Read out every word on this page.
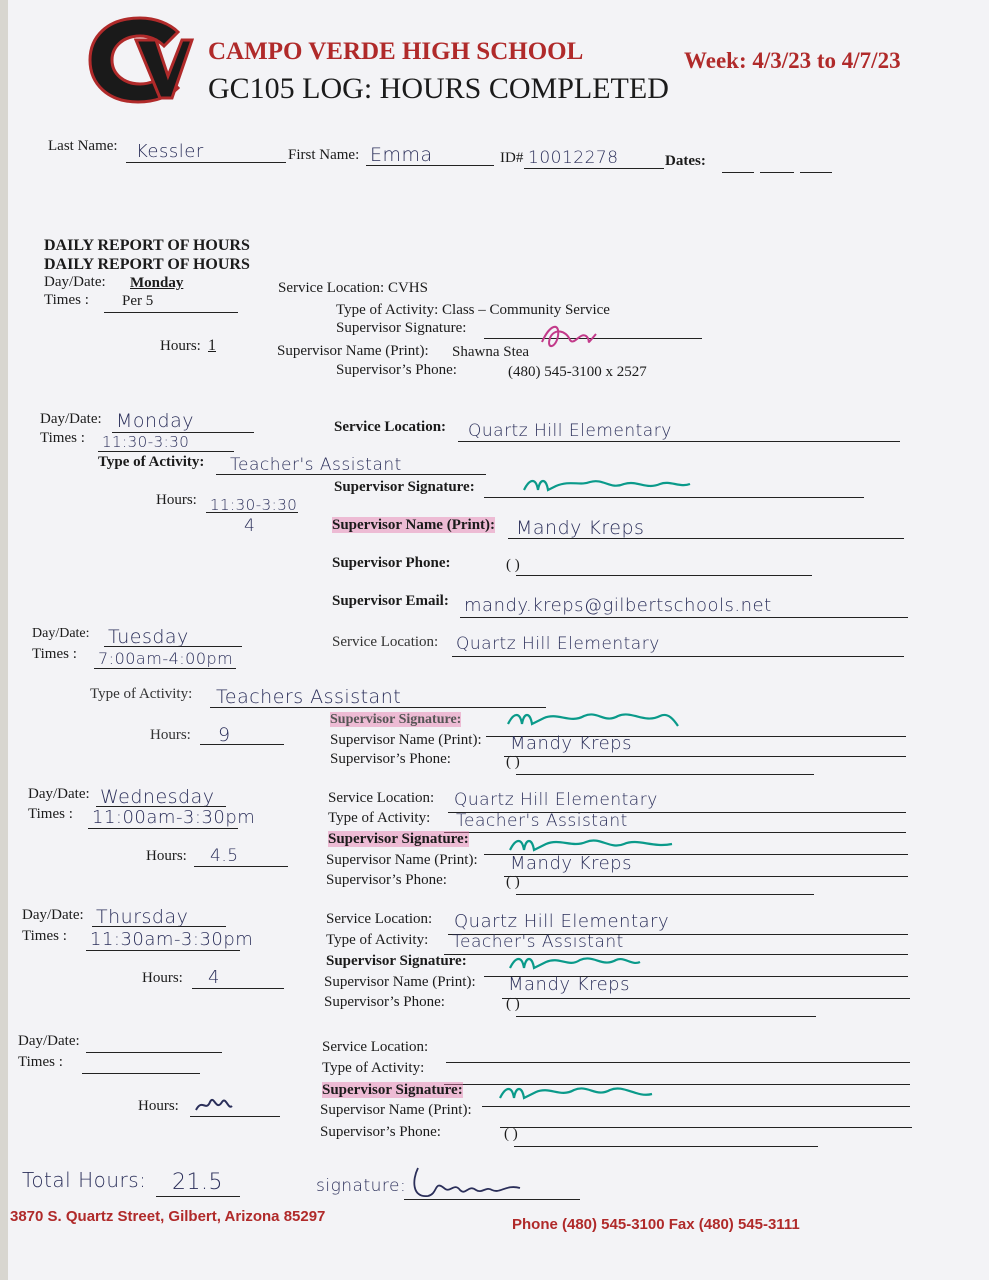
CAMPO VERDE HIGH SCHOOL
GC105 LOG: HOURS COMPLETED
Week: 4/3/23 to 4/7/23
Last Name: Kessler	First Name: Emma	ID# 10012278	Dates:
DAILY REPORT OF HOURS
DAILY REPORT OF HOURS
Day/Date: Monday
Times : Per 5
Hours: 1
Service Location: CVHS
Type of Activity: Class – Community Service
Supervisor Signature:
Supervisor Name (Print): Shawna Stea
Supervisor’s Phone:	(480) 545-3100 x 2527
Day/Date: Monday
Times : 11:30-3:30
Type of Activity: Teacher's Assistant
Hours: 11:30-3:30
4
Service Location: Quartz Hill Elementary
Supervisor Signature:
Supervisor Name (Print): Mandy Kreps
Supervisor Phone:	( )
Supervisor Email: mandy.kreps@gilbertschools.net
Day/Date: Tuesday
Times : 7:00am-4:00pm
Type of Activity: Teachers Assistant
Hours: 9
Service Location: Quartz Hill Elementary
Supervisor Signature:
Supervisor Name (Print): Mandy Kreps
Supervisor’s Phone:	( )
Day/Date: Wednesday
Times : 11:00am-3:30pm
Hours: 4.5
Service Location: Quartz Hill Elementary
Type of Activity: Teacher's Assistant
Supervisor Signature:
Supervisor Name (Print): Mandy Kreps
Supervisor’s Phone:	( )
Day/Date: Thursday
Times : 11:30am-3:30pm
Hours: 4
Service Location: Quartz Hill Elementary
Type of Activity: Teacher's Assistant
Supervisor Signature:
Supervisor Name (Print): Mandy Kreps
Supervisor’s Phone:	( )
Day/Date:
Times :
Hours:
Service Location:
Type of Activity:
Supervisor Signature:
Supervisor Name (Print):
Supervisor’s Phone:	( )
Total Hours: 21.5	signature:
3870 S. Quartz Street, Gilbert, Arizona 85297	Phone (480) 545-3100 Fax (480) 545-3111
